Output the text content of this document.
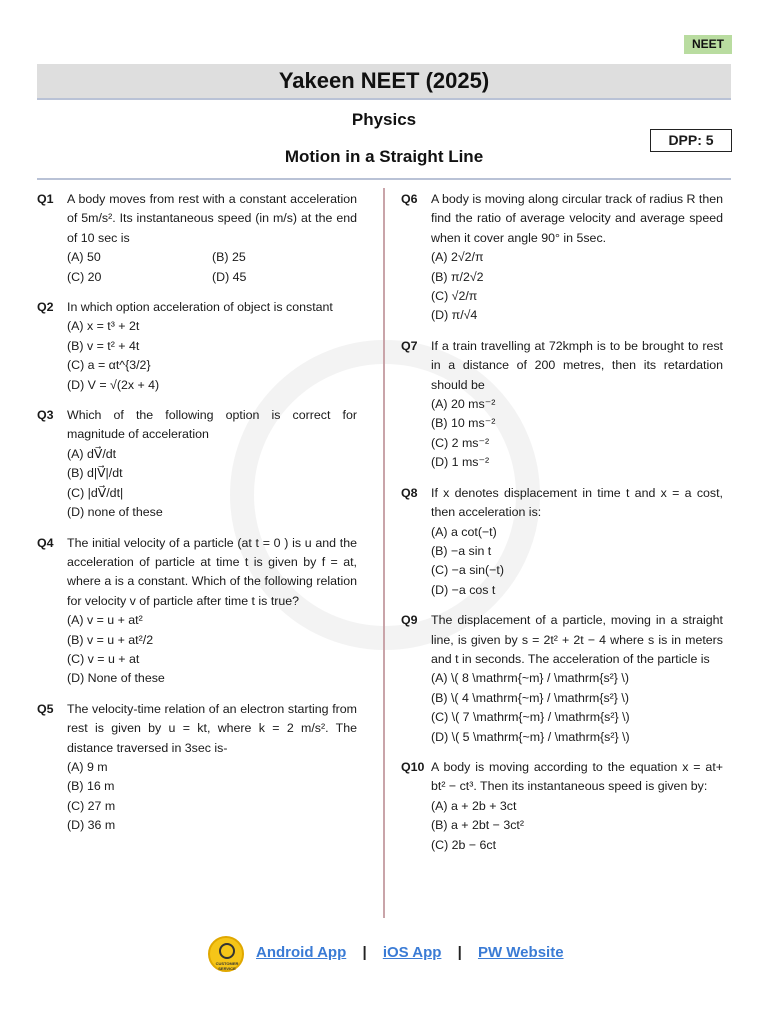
NEET
Yakeen NEET (2025)
Physics
DPP: 5
Motion in a Straight Line
Q1 A body moves from rest with a constant acceleration of 5m/s². Its instantaneous speed (in m/s) at the end of 10 sec is
(A) 50	(B) 25
(C) 20	(D) 45
Q2 In which option acceleration of object is constant
(A) x = t³ + 2t
(B) v = t² + 4t
(C) a = αt^{3/2}
(D) V = √(2x + 4)
Q3 Which of the following option is correct for magnitude of acceleration
(A) dV⃗/dt
(B) d|V⃗|/dt
(C) |dV⃗/dt|
(D) none of these
Q4 The initial velocity of a particle (at t = 0 ) is u and the acceleration of particle at time t is given by f = at, where a is a constant. Which of the following relation for velocity v of particle after time t is true?
(A) v = u + at²
(B) v = u + at²/2
(C) v = u + at
(D) None of these
Q5 The velocity-time relation of an electron starting from rest is given by u = kt, where k = 2 m/s². The distance traversed in 3sec is-
(A) 9 m
(B) 16 m
(C) 27 m
(D) 36 m
Q6 A body is moving along circular track of radius R then find the ratio of average velocity and average speed when it cover angle 90° in 5sec.
(A) 2√2/π
(B) π/2√2
(C) √2/π
(D) π/√4
Q7 If a train travelling at 72kmph is to be brought to rest in a distance of 200 metres, then its retardation should be
(A) 20 ms⁻²
(B) 10 ms⁻²
(C) 2 ms⁻²
(D) 1 ms⁻²
Q8 If x denotes displacement in time t and x = a cost, then acceleration is:
(A) a cot(−t)
(B) −a sin t
(C) −a sin(−t)
(D) −a cos t
Q9 The displacement of a particle, moving in a straight line, is given by s = 2t² + 2t − 4 where s is in meters and t in seconds. The acceleration of the particle is
(A) \( 8 \mathrm{~m} / \mathrm{s²} \)
(B) \( 4 \mathrm{~m} / \mathrm{s²} \)
(C) \( 7 \mathrm{~m} / \mathrm{s²} \)
(D) \( 5 \mathrm{~m} / \mathrm{s²} \)
Q10 A body is moving according to the equation x = at+ bt² − ct³. Then its instantaneous speed is given by:
(A) a + 2b + 3ct
(B) a + 2bt − 3ct²
(C) 2b − 6ct
CUSTOMER SERVICE
Android App | iOS App | PW Website
